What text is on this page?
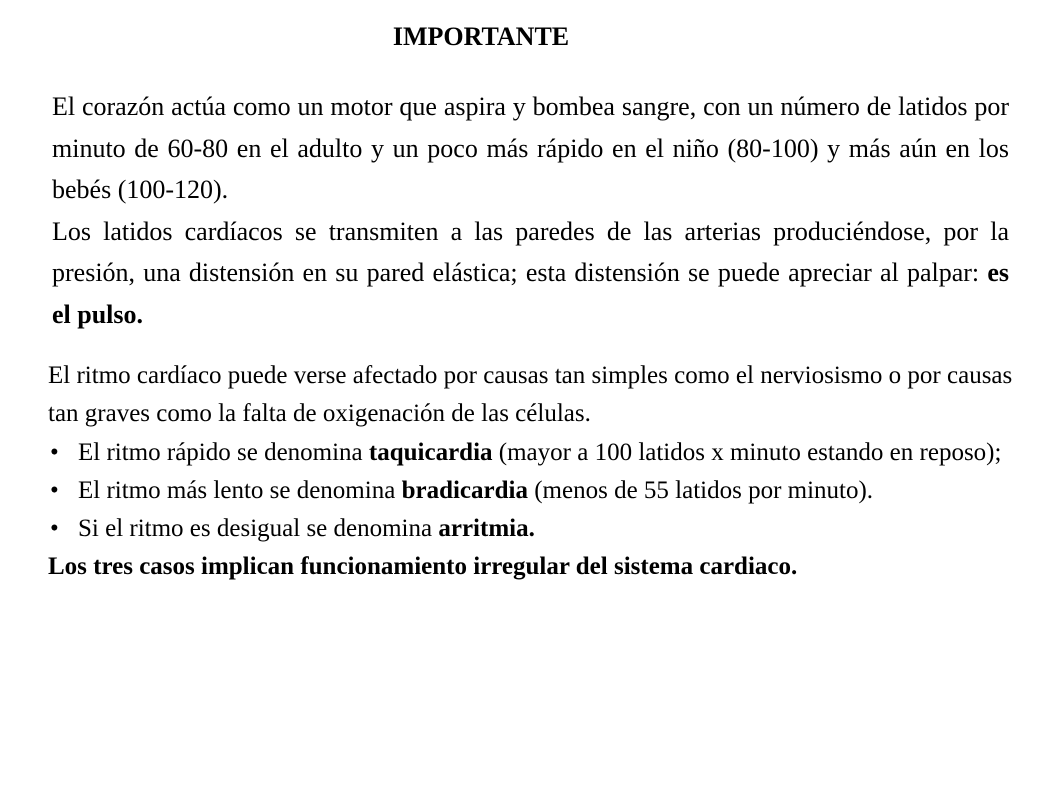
IMPORTANTE

El corazón actúa como un motor que aspira y bombea sangre, con un número de latidos por minuto de 60-80 en el adulto y un poco más rápido en el niño (80-100) y más aún en los bebés (100-120).

Los latidos cardíacos se transmiten a las paredes de las arterias produciéndose, por la presión, una distensión en su pared elástica; esta distensión se puede apreciar al palpar: es el pulso.

El ritmo cardíaco puede verse afectado por causas tan simples como el nerviosismo o por causas tan graves como la falta de oxigenación de las células.

• El ritmo rápido se denomina taquicardia (mayor a 100 latidos x minuto estando en reposo);
• El ritmo más lento se denomina bradicardia (menos de 55 latidos por minuto).
• Si el ritmo es desigual se denomina arritmia.

Los tres casos implican funcionamiento irregular del sistema cardiaco.
